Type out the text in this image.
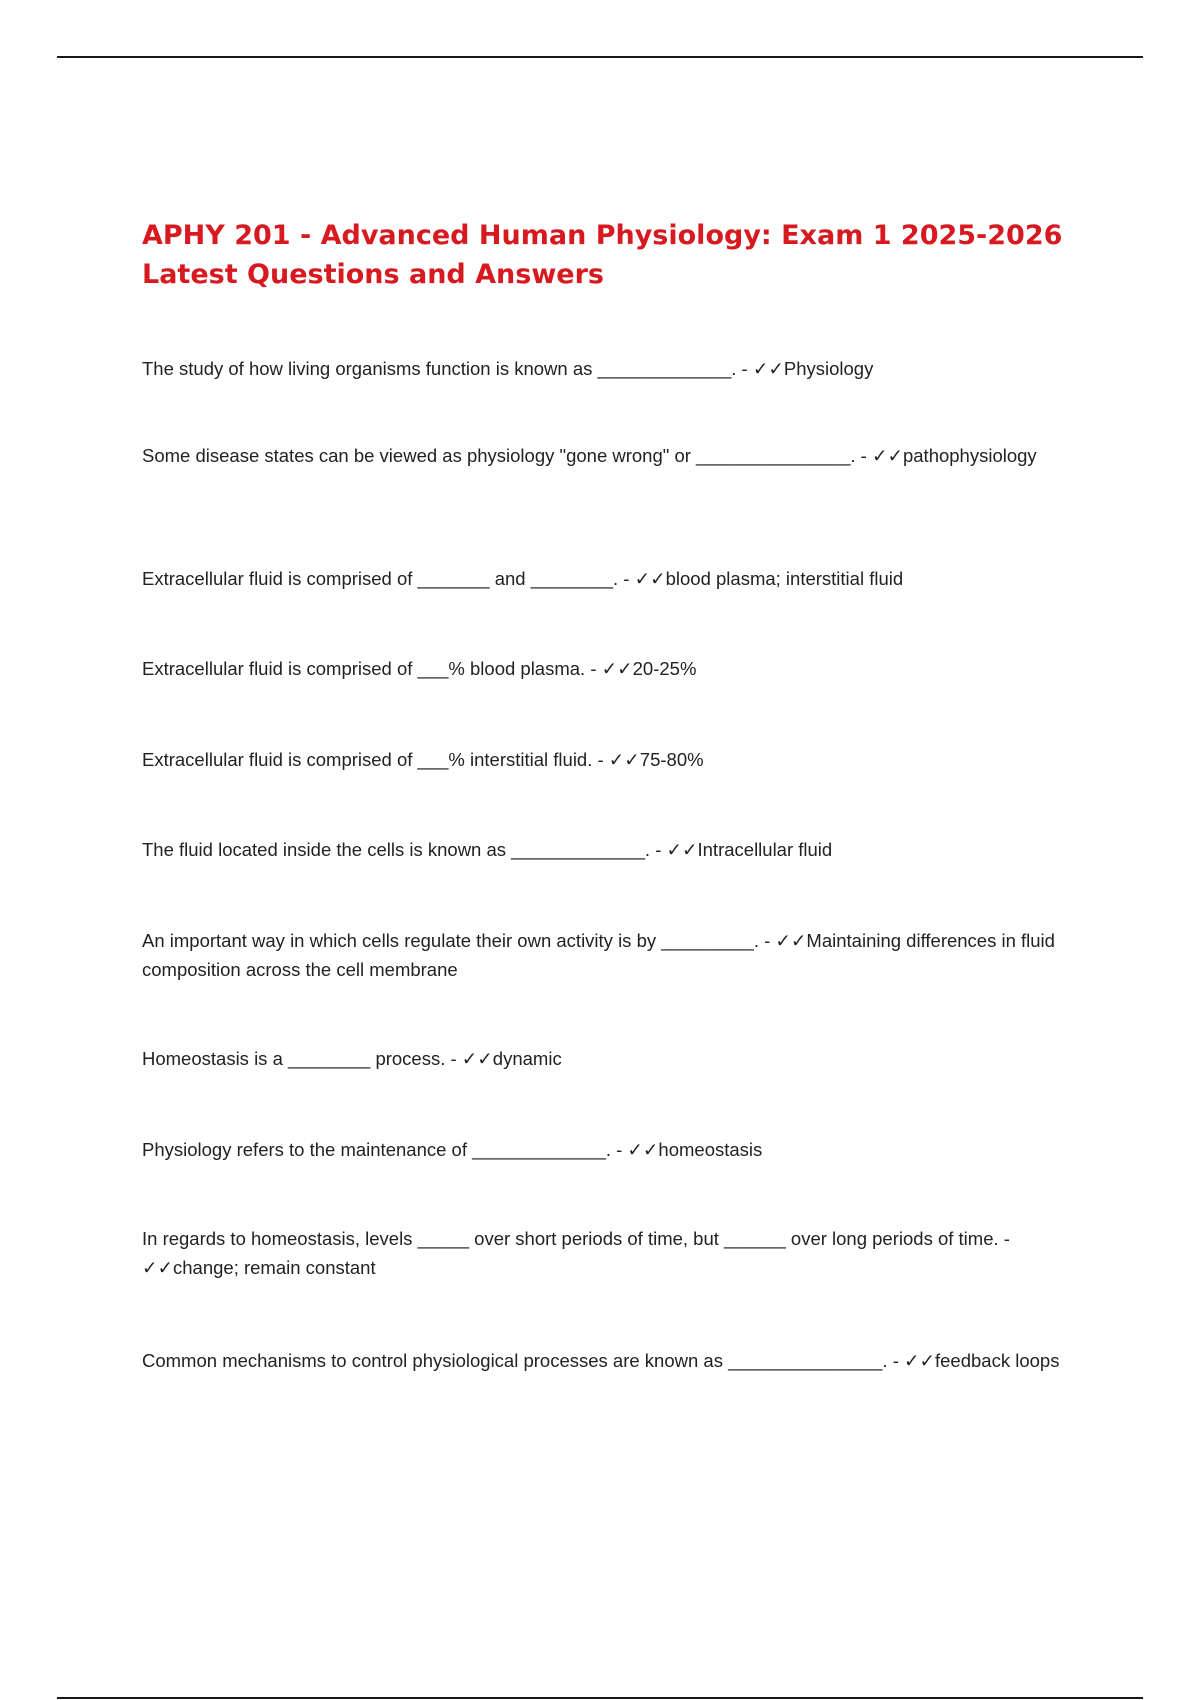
APHY 201 - Advanced Human Physiology: Exam 1 2025-2026
Latest Questions and Answers

The study of how living organisms function is known as _____________. - ✓✓Physiology

Some disease states can be viewed as physiology "gone wrong" or _______________. - ✓✓pathophysiology

Extracellular fluid is comprised of _______ and ________. - ✓✓blood plasma; interstitial fluid

Extracellular fluid is comprised of ___% blood plasma. - ✓✓20-25%

Extracellular fluid is comprised of ___% interstitial fluid. - ✓✓75-80%

The fluid located inside the cells is known as _____________. - ✓✓Intracellular fluid

An important way in which cells regulate their own activity is by _________. - ✓✓Maintaining differences in fluid composition across the cell membrane

Homeostasis is a ________ process. - ✓✓dynamic

Physiology refers to the maintenance of _____________. - ✓✓homeostasis

In regards to homeostasis, levels _____ over short periods of time, but ______ over long periods of time. - ✓✓change; remain constant

Common mechanisms to control physiological processes are known as _______________. - ✓✓feedback loops
